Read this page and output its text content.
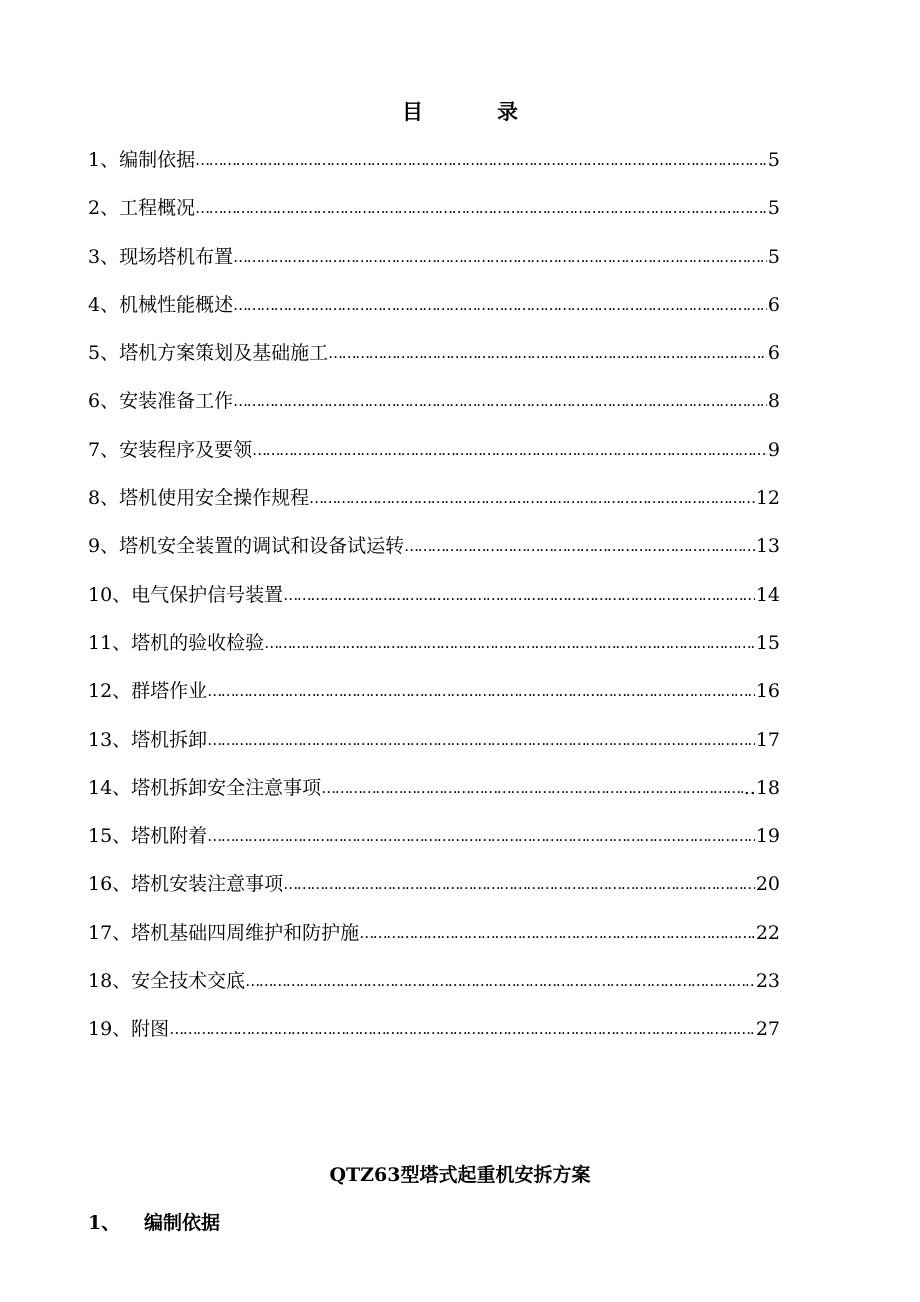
目	录
1、编制依据 …………………………………………………………………………………………………………………………………………………………………………………………	5
2、工程概况 …………………………………………………………………………………………………………………………………………………………………………………………	5
3、现场塔机布置 …………………………………………………………………………………………………………………………………………………………………………………………	5
4、机械性能概述 …………………………………………………………………………………………………………………………………………………………………………………………	6
5、塔机方案策划及基础施工 …………………………………………………………………………………………………………………………………………………………………………………………	6
6、安装准备工作 …………………………………………………………………………………………………………………………………………………………………………………………	8
7、安装程序及要领 …………………………………………………………………………………………………………………………………………………………………………………………	9
8、塔机使用安全操作规程 …………………………………………………………………………………………………………………………………………………………………………………………	12
9、塔机安全装置的调试和设备试运转 …………………………………………………………………………………………………………………………………………………………………………………………	13
10、电气保护信号装置 …………………………………………………………………………………………………………………………………………………………………………………………	14
11、塔机的验收检验 …………………………………………………………………………………………………………………………………………………………………………………………	15
12、群塔作业 …………………………………………………………………………………………………………………………………………………………………………………………	16
13、塔机拆卸 …………………………………………………………………………………………………………………………………………………………………………………………	17
14、塔机拆卸安全注意事项 …………………………………………………………………………………………………………………………………………………………………………………………	..18
15、塔机附着 …………………………………………………………………………………………………………………………………………………………………………………………	19
16、塔机安装注意事项 …………………………………………………………………………………………………………………………………………………………………………………………	20
17、塔机基础四周维护和防护施 …………………………………………………………………………………………………………………………………………………………………………………………	22
18、安全技术交底 …………………………………………………………………………………………………………………………………………………………………………………………	23
19、附图 …………………………………………………………………………………………………………………………………………………………………………………………	27
QTZ63型塔式起重机安拆方案
1、	编制依据
